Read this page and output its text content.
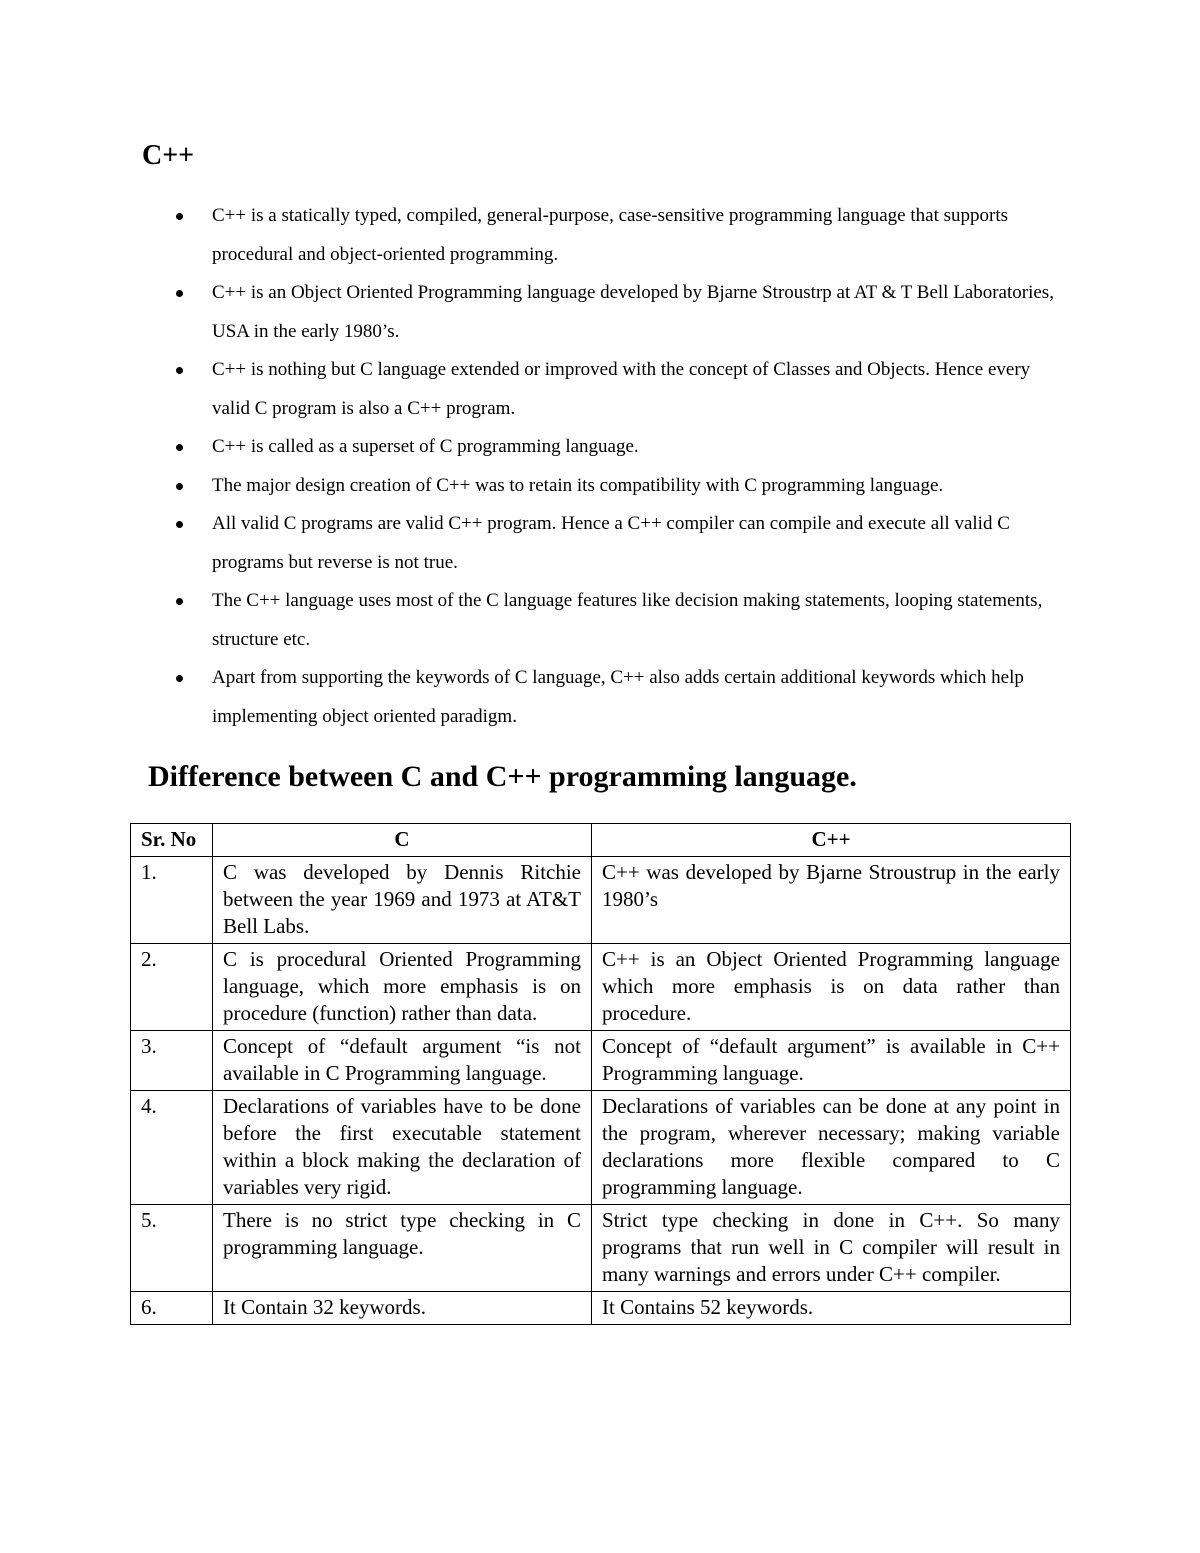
C++
C++ is a statically typed, compiled, general-purpose, case-sensitive programming language that supports procedural and object-oriented programming.
C++ is an Object Oriented Programming language developed by Bjarne Stroustrp at AT & T Bell Laboratories, USA in the early 1980’s.
C++ is nothing but C language extended or improved with the concept of Classes and Objects. Hence every valid C program is also a C++ program.
C++ is called as a superset of C programming language.
The major design creation of C++ was to retain its compatibility with C programming language.
All valid C programs are valid C++ program. Hence a C++ compiler can compile and execute all valid C programs but reverse is not true.
The C++ language uses most of the C language features like decision making statements, looping statements, structure etc.
Apart from supporting the keywords of C language, C++ also adds certain additional keywords which help implementing object oriented paradigm.
Difference between C and C++ programming language.
Sr. No	C	C++
1.	C was developed by Dennis Ritchie between the year 1969 and 1973 at AT&T Bell Labs.	C++ was developed by Bjarne Stroustrup in the early 1980’s
2.	C is procedural Oriented Programming language, which more emphasis is on procedure (function) rather than data.	C++ is an Object Oriented Programming language which more emphasis is on data rather than procedure.
3.	Concept of “default argument “is not available in C Programming language.	Concept of “default argument” is available in C++ Programming language.
4.	Declarations of variables have to be done before the first executable statement within a block making the declaration of variables very rigid.	Declarations of variables can be done at any point in the program, wherever necessary; making variable declarations more flexible compared to C programming language.
5.	There is no strict type checking in C programming language.	Strict type checking in done in C++. So many programs that run well in C compiler will result in many warnings and errors under C++ compiler.
6.	It Contain 32 keywords.	It Contains 52 keywords.
